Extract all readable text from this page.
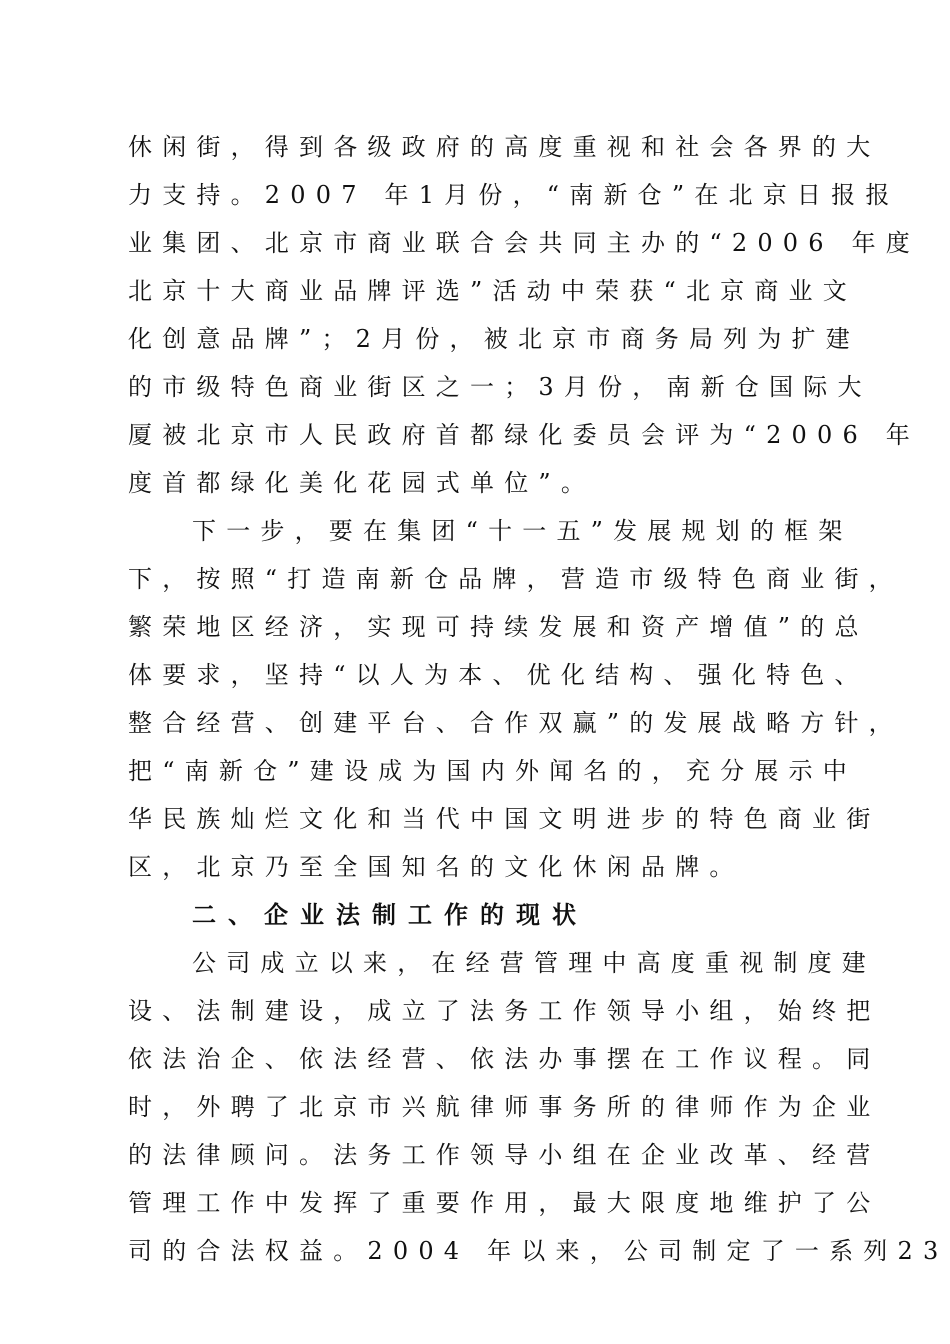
休闲街，得到各级政府的高度重视和社会各界的大
力支持。2007 年1月份，“南新仓”在北京日报报
业集团、北京市商业联合会共同主办的“2006 年度
北京十大商业品牌评选”活动中荣获“北京商业文
化创意品牌”；2月份，被北京市商务局列为扩建
的市级特色商业街区之一；3月份，南新仓国际大
厦被北京市人民政府首都绿化委员会评为“2006 年
度首都绿化美化花园式单位”。
下一步，要在集团“十一五”发展规划的框架
下，按照“打造南新仓品牌，营造市级特色商业街，
繁荣地区经济，实现可持续发展和资产增值”的总
体要求，坚持“以人为本、优化结构、强化特色、
整合经营、创建平台、合作双赢”的发展战略方针，
把“南新仓”建设成为国内外闻名的，充分展示中
华民族灿烂文化和当代中国文明进步的特色商业街
区，北京乃至全国知名的文化休闲品牌。
二、企业法制工作的现状
公司成立以来，在经营管理中高度重视制度建
设、法制建设，成立了法务工作领导小组，始终把
依法治企、依法经营、依法办事摆在工作议程。同
时，外聘了北京市兴航律师事务所的律师作为企业
的法律顾问。法务工作领导小组在企业改革、经营
管理工作中发挥了重要作用，最大限度地维护了公
司的合法权益。2004 年以来，公司制定了一系列23
